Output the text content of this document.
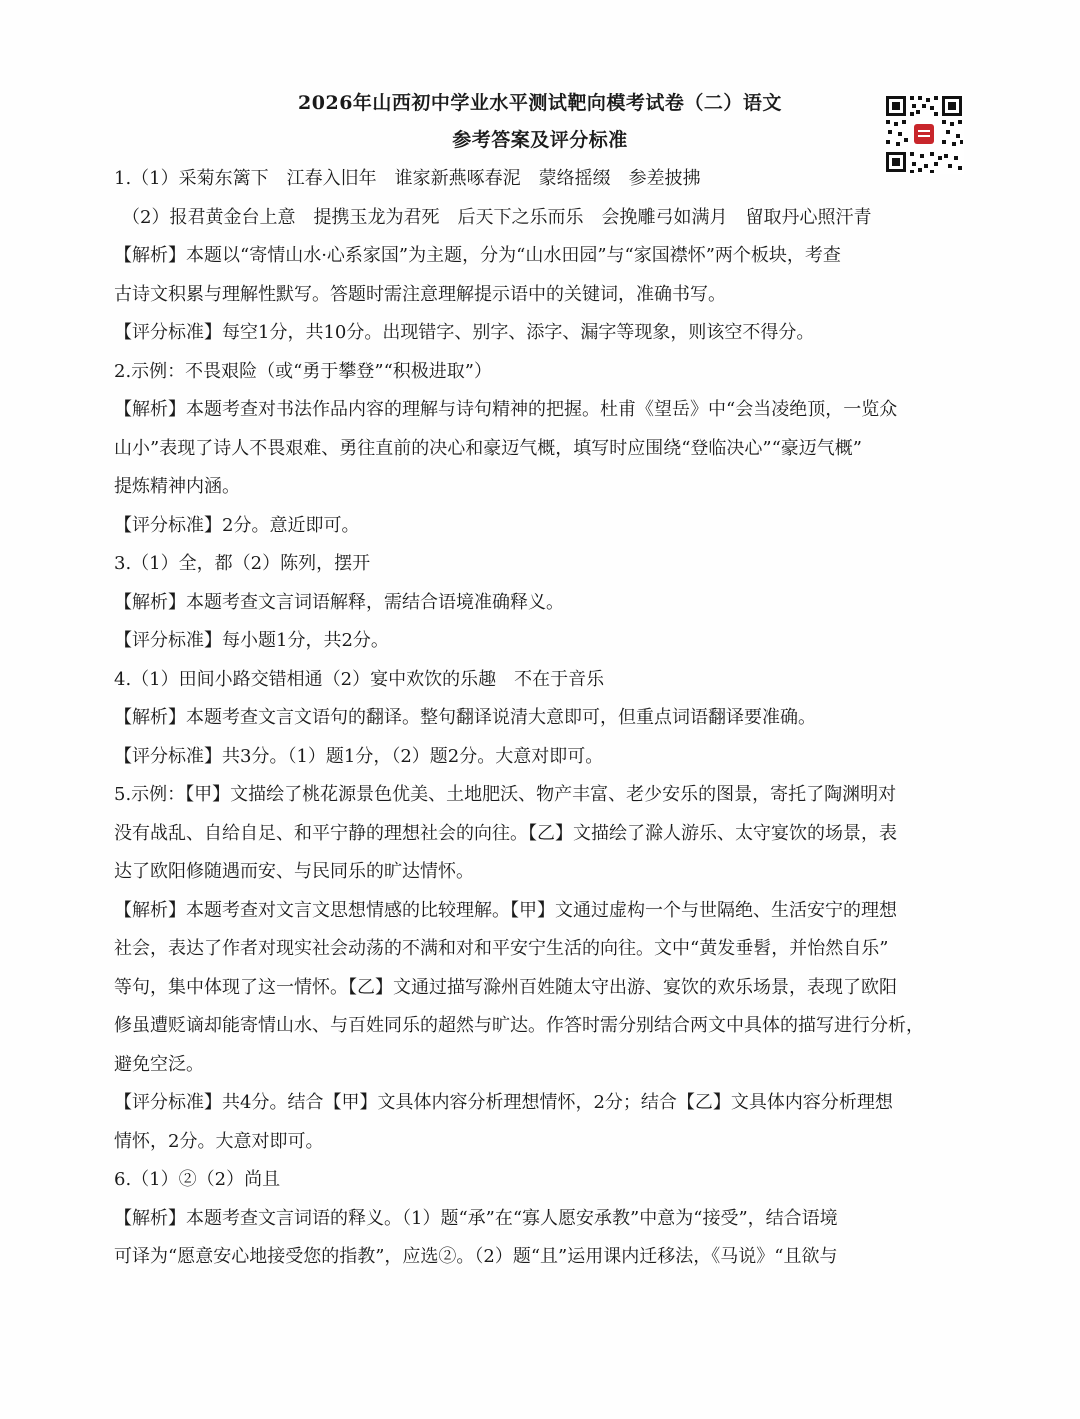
2026年山西初中学业水平测试靶向模考试卷（二）语文
参考答案及评分标准
1.（1）采菊东篱下　江春入旧年　谁家新燕啄春泥　蒙络摇缀　参差披拂
（2）报君黄金台上意　提携玉龙为君死　后天下之乐而乐　会挽雕弓如满月　留取丹心照汗青
【解析】本题以“寄情山水·心系家国”为主题，分为“山水田园”与“家国襟怀”两个板块，考查
古诗文积累与理解性默写。答题时需注意理解提示语中的关键词，准确书写。
【评分标准】每空1分，共10分。出现错字、别字、添字、漏字等现象，则该空不得分。
2.示例：不畏艰险（或“勇于攀登”“积极进取”）
【解析】本题考查对书法作品内容的理解与诗句精神的把握。杜甫《望岳》中“会当凌绝顶，一览众
山小”表现了诗人不畏艰难、勇往直前的决心和豪迈气概，填写时应围绕“登临决心”“豪迈气概”
提炼精神内涵。
【评分标准】2分。意近即可。
3.（1）全，都（2）陈列，摆开
【解析】本题考查文言词语解释，需结合语境准确释义。
【评分标准】每小题1分，共2分。
4.（1）田间小路交错相通（2）宴中欢饮的乐趣　不在于音乐
【解析】本题考查文言文语句的翻译。整句翻译说清大意即可，但重点词语翻译要准确。
【评分标准】共3分。（1）题1分，（2）题2分。大意对即可。
5.示例：【甲】文描绘了桃花源景色优美、土地肥沃、物产丰富、老少安乐的图景，寄托了陶渊明对
没有战乱、自给自足、和平宁静的理想社会的向往。【乙】文描绘了滁人游乐、太守宴饮的场景，表
达了欧阳修随遇而安、与民同乐的旷达情怀。
【解析】本题考查对文言文思想情感的比较理解。【甲】文通过虚构一个与世隔绝、生活安宁的理想
社会，表达了作者对现实社会动荡的不满和对和平安宁生活的向往。文中“黄发垂髫，并怡然自乐”
等句，集中体现了这一情怀。【乙】文通过描写滁州百姓随太守出游、宴饮的欢乐场景，表现了欧阳
修虽遭贬谪却能寄情山水、与百姓同乐的超然与旷达。作答时需分别结合两文中具体的描写进行分析，
避免空泛。
【评分标准】共4分。结合【甲】文具体内容分析理想情怀，2分；结合【乙】文具体内容分析理想
情怀，2分。大意对即可。
6.（1）②（2）尚且
【解析】本题考查文言词语的释义。（1）题“承”在“寡人愿安承教”中意为“接受”，结合语境
可译为“愿意安心地接受您的指教”，应选②。（2）题“且”运用课内迁移法，《马说》“且欲与
